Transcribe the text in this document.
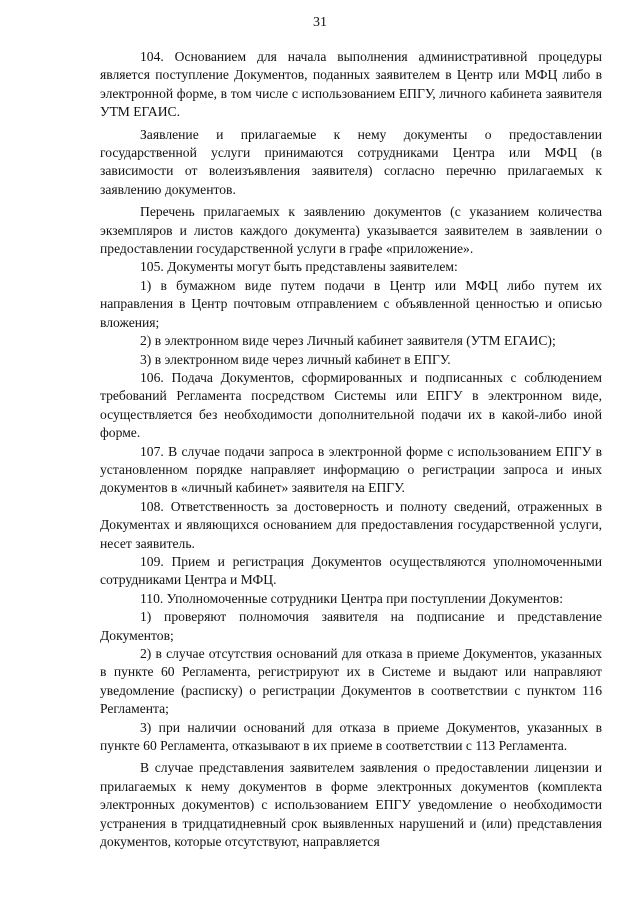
31

104. Основанием для начала выполнения административной процедуры является поступление Документов, поданных заявителем в Центр или МФЦ либо в электронной форме, в том числе с использованием ЕПГУ, личного кабинета заявителя УТМ ЕГАИС.

Заявление и прилагаемые к нему документы о предоставлении государственной услуги принимаются сотрудниками Центра или МФЦ (в зависимости от волеизъявления заявителя) согласно перечню прилагаемых к заявлению документов.

Перечень прилагаемых к заявлению документов (с указанием количества экземпляров и листов каждого документа) указывается заявителем в заявлении о предоставлении государственной услуги в графе «приложение».

105. Документы могут быть представлены заявителем:

1) в бумажном виде путем подачи в Центр или МФЦ либо путем их направления в Центр почтовым отправлением с объявленной ценностью и описью вложения;

2) в электронном виде через Личный кабинет заявителя (УТМ ЕГАИС);

3) в электронном виде через личный кабинет в ЕПГУ.

106. Подача Документов, сформированных и подписанных с соблюдением требований Регламента посредством Системы или ЕПГУ в электронном виде, осуществляется без необходимости дополнительной подачи их в какой-либо иной форме.

107. В случае подачи запроса в электронной форме с использованием ЕПГУ в установленном порядке направляет информацию о регистрации запроса и иных документов в «личный кабинет» заявителя на ЕПГУ.

108. Ответственность за достоверность и полноту сведений, отраженных в Документах и являющихся основанием для предоставления государственной услуги, несет заявитель.

109. Прием и регистрация Документов осуществляются уполномоченными сотрудниками Центра и МФЦ.

110. Уполномоченные сотрудники Центра при поступлении Документов:

1) проверяют полномочия заявителя на подписание и представление Документов;

2) в случае отсутствия оснований для отказа в приеме Документов, указанных в пункте 60 Регламента, регистрируют их в Системе и выдают или направляют уведомление (расписку) о регистрации Документов в соответствии с пунктом 116 Регламента;

3) при наличии оснований для отказа в приеме Документов, указанных в пункте 60 Регламента, отказывают в их приеме в соответствии с 113 Регламента.

В случае представления заявителем заявления о предоставлении лицензии и прилагаемых к нему документов в форме электронных документов (комплекта электронных документов) с использованием ЕПГУ уведомление о необходимости устранения в тридцатидневный срок выявленных нарушений и (или) представления документов, которые отсутствуют, направляется
